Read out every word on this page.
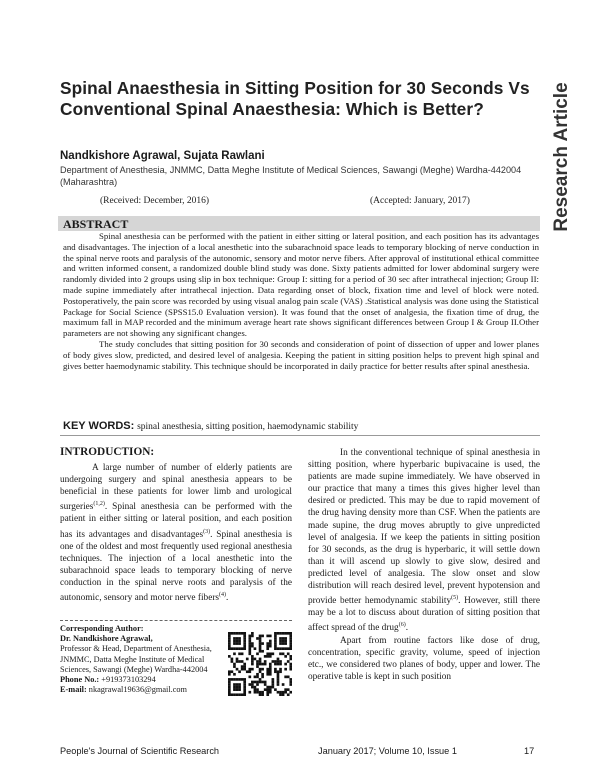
Research Article
Spinal Anaesthesia in Sitting Position for 30 Seconds Vs Conventional Spinal Anaesthesia: Which is Better?
Nandkishore Agrawal, Sujata Rawlani
Department of Anesthesia, JNMMC, Datta Meghe Institute of Medical Sciences, Sawangi (Meghe) Wardha-442004 (Maharashtra)
(Received: December, 2016)	(Accepted: January, 2017)
ABSTRACT

Spinal anesthesia can be performed with the patient in either sitting or lateral position, and each position has its advantages and disadvantages. The injection of a local anesthetic into the subarachnoid space leads to temporary blocking of nerve conduction in the spinal nerve roots and paralysis of the autonomic, sensory and motor nerve fibers. After approval of institutional ethical committee and written informed consent, a randomized double blind study was done. Sixty patients admitted for lower abdominal surgery were randomly divided into 2 groups using slip in box technique: Group I: sitting for a period of 30 sec after intrathecal injection; Group II: made supine immediately after intrathecal injection. Data regarding onset of block, fixation time and level of block were noted. Postoperatively, the pain score was recorded by using visual analog pain scale (VAS) .Statistical analysis was done using the Statistical Package for Social Science (SPSS15.0 Evaluation version). It was found that the onset of analgesia, the fixation time of drug, the maximum fall in MAP recorded and the minimum average heart rate shows significant differences between Group I & Group II.Other parameters are not showing any significant changes.

The study concludes that sitting position for 30 seconds and consideration of point of dissection of upper and lower planes of body gives slow, predicted, and desired level of analgesia. Keeping the patient in sitting position helps to prevent high spinal and gives better haemodynamic stability. This technique should be incorporated in daily practice for better results after spinal anesthesia.

KEY WORDS: spinal anesthesia, sitting position, haemodynamic stability
INTRODUCTION:

A large number of number of elderly patients are undergoing surgery and spinal anesthesia appears to be beneficial in these patients for lower limb and urological surgeries$^{(1,2)}$. Spinal anesthesia can be performed with the patient in either sitting or lateral position, and each position has its advantages and disadvantages$^{(3)}$. Spinal anesthesia is one of the oldest and most frequently used regional anesthesia techniques. The injection of a local anesthetic into the subarachnoid space leads to temporary blocking of nerve conduction in the spinal nerve roots and paralysis of the autonomic, sensory and motor nerve fibers$^{(4)}$.

Corresponding Author:
Dr. Nandkishore Agrawal,
Professor & Head, Department of Anesthesia, JNMMC, Datta Meghe Institute of Medical Sciences, Sawangi (Meghe) Wardha-442004
Phone No.: +919373103294
E-mail: nkagrawal19636@gmail.com

In the conventional technique of spinal anesthesia in sitting position, where hyperbaric bupivacaine is used, the patients are made supine immediately. We have observed in our practice that many a times this gives higher level than desired or predicted. This may be due to rapid movement of the drug having density more than CSF. When the patients are made supine, the drug moves abruptly to give unpredicted level of analgesia. If we keep the patients in sitting position for 30 seconds, as the drug is hyperbaric, it will settle down than it will ascend up slowly to give slow, desired and predicted level of analgesia. The slow onset and slow distribution will reach desired level, prevent hypotension and provide better hemodynamic stability$^{(5)}$. However, still there may be a lot to discuss about duration of sitting position that affect spread of the drug$^{(6)}$.

Apart from routine factors like dose of drug, concentration, specific gravity, volume, speed of injection etc., we considered two planes of body, upper and lower. The operative table is kept in such position

People's Journal of Scientific Research	January 2017; Volume 10, Issue 1	17
